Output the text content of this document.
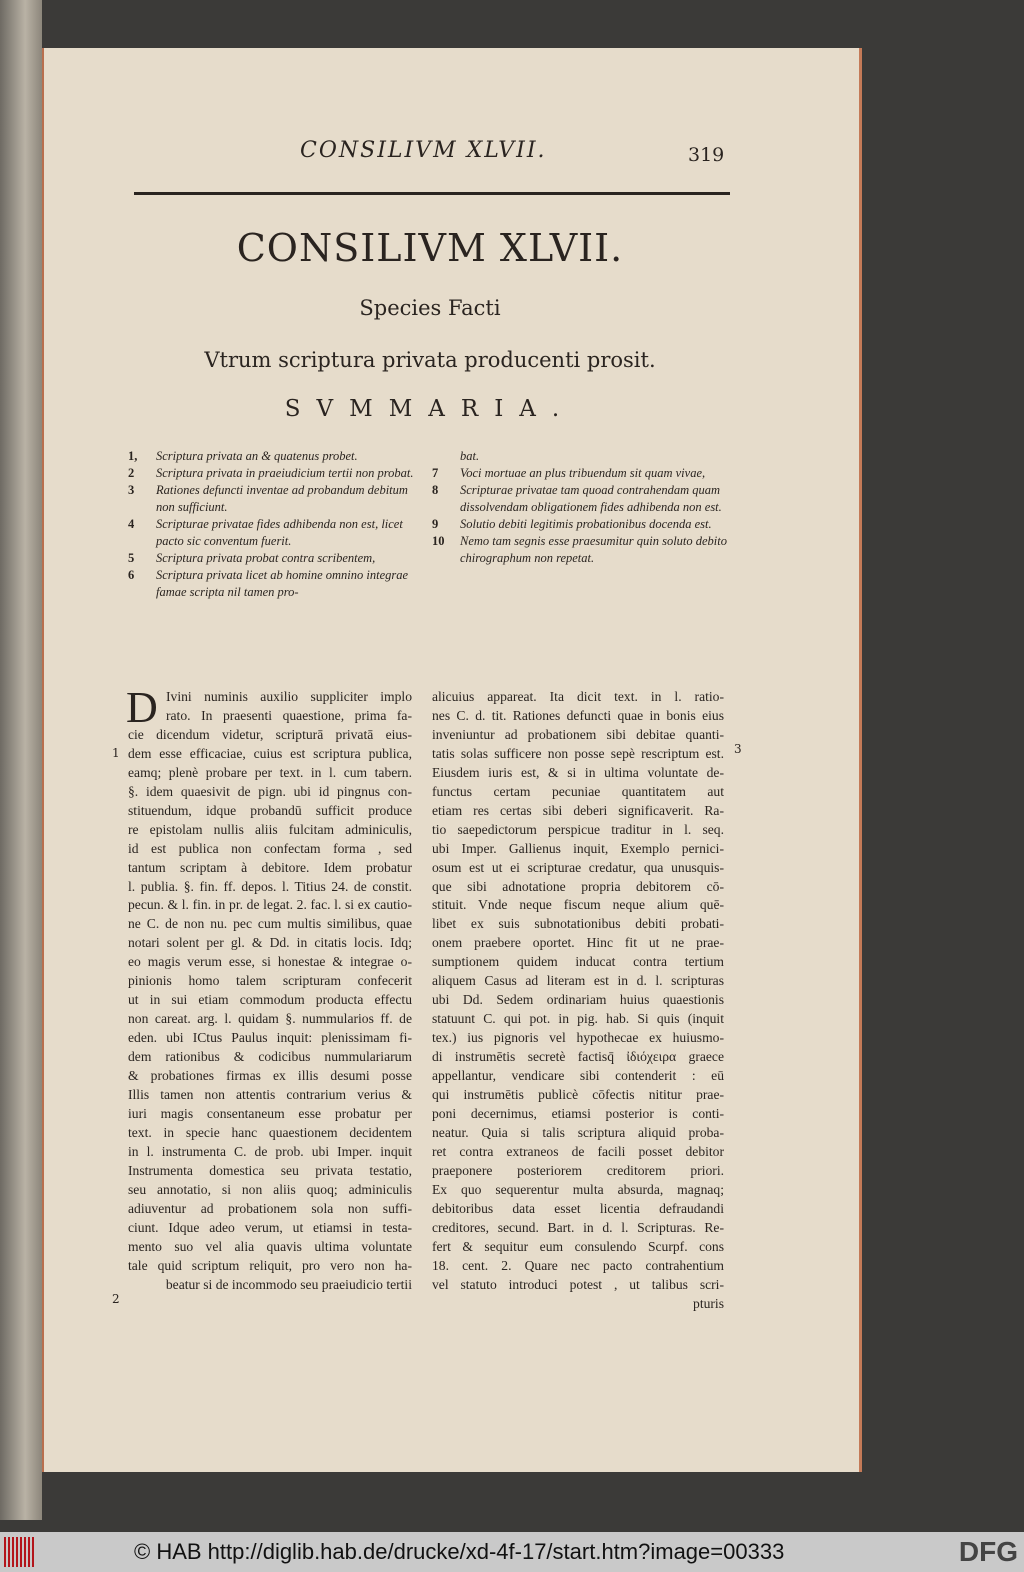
CONSILIVM XLVII.	319
CONSILIVM XLVII.
Species Facti
Vtrum scriptura privata producenti prosit.
SVMMARIA.
1, Scriptura privata an & quatenus probet.
2 Scriptura privata in praeiudicium tertii non probat.
3 Rationes defuncti inventae ad probandum debitum non sufficiunt.
4 Scripturae privatae fides adhibenda non est, licet pacto sic conventum fuerit.
5 Scriptura privata probat contra scribentem,
6 Scriptura privata licet ab homine omnino integrae famae scripta nil tamen pro-
bat.
7 Voci mortuae an plus tribuendum sit quam vivae,
8 Scripturae privatae tam quoad contrahendam quam dissolvendam obligationem fides adhibenda non est.
9 Solutio debiti legitimis probationibus docenda est.
10 Nemo tam segnis esse praesumitur quin soluto debito chirographum non repetat.
1
2
3
D Ivini numinis auxilio suppliciter implo
rato. In praesenti quaestione, prima fa-
cie dicendum videtur, scripturā privatā eius-
dem esse efficaciae, cuius est scriptura publica,
eamq; plenè probare per text. in l. cum tabern.
§. idem quaesivit de pign. ubi id pingnus con-
stituendum, idque probandū sufficit produce
re epistolam nullis aliis fulcitam adminiculis,
id est publica non confectam forma , sed
tantum scriptam à debitore. Idem probatur
l. publia. §. fin. ff. depos. l. Titius 24. de constit.
pecun. & l. fin. in pr. de legat. 2. fac. l. si ex cautio-
ne C. de non nu. pec cum multis similibus, quae
notari solent per gl. & Dd. in citatis locis. Idq;
eo magis verum esse, si honestae & integrae o-
pinionis homo talem scripturam confecerit
ut in sui etiam commodum producta effectu
non careat. arg. l. quidam §. nummularios ff. de
eden. ubi ICtus Paulus inquit: plenissimam fi-
dem rationibus & codicibus nummulariarum
& probationes firmas ex illis desumi posse
Illis tamen non attentis contrarium verius &
iuri magis consentaneum esse probatur per
text. in specie hanc quaestionem decidentem
in l. instrumenta C. de prob. ubi Imper. inquit
Instrumenta domestica seu privata testatio,
seu annotatio, si non aliis quoq; adminiculis
adiuventur ad probationem sola non suffi-
ciunt. Idque adeo verum, ut etiamsi in testa-
mento suo vel alia quavis ultima voluntate
tale quid scriptum reliquit, pro vero non ha-
beatur si de incommodo seu praeiudicio tertii
alicuius appareat. Ita dicit text. in l. ratio-
nes C. d. tit. Rationes defuncti quae in bonis eius
inveniuntur ad probationem sibi debitae quanti-
tatis solas sufficere non posse sepè rescriptum est.
Eiusdem iuris est, & si in ultima voluntate de-
functus certam pecuniae quantitatem aut
etiam res certas sibi deberi significaverit. Ra-
tio saepedictorum perspicue traditur in l. seq.
ubi Imper. Gallienus inquit, Exemplo pernici-
osum est ut ei scripturae credatur, qua unusquis-
que sibi adnotatione propria debitorem cō-
stituit. Vnde neque fiscum neque alium quē-
libet ex suis subnotationibus debiti probati-
onem praebere oportet. Hinc fit ut ne prae-
sumptionem quidem inducat contra tertium
aliquem Casus ad literam est in d. l. scripturas
ubi Dd. Sedem ordinariam huius quaestionis
statuunt C. qui pot. in pig. hab. Si quis (inquit
tex.) ius pignoris vel hypothecae ex huiusmo-
di instrumētis secretè factisq̄ ἰδιόχειρα graece
appellantur, vendicare sibi contenderit : eū
qui instrumētis publicè cōfectis nititur prae-
poni decernimus, etiamsi posterior is conti-
neatur. Quia si talis scriptura aliquid proba-
ret contra extraneos de facili posset debitor
praeponere posteriorem creditorem priori.
Ex quo sequerentur multa absurda, magnaq;
debitoribus data esset licentia defraudandi
creditores, secund. Bart. in d. l. Scripturas. Re-
fert & sequitur eum consulendo Scurpf. cons
18. cent. 2. Quare nec pacto contrahentium
vel statuto introduci potest , ut talibus scri-
pturis
© HAB http://diglib.hab.de/drucke/xd-4f-17/start.htm?image=00333	DFG
